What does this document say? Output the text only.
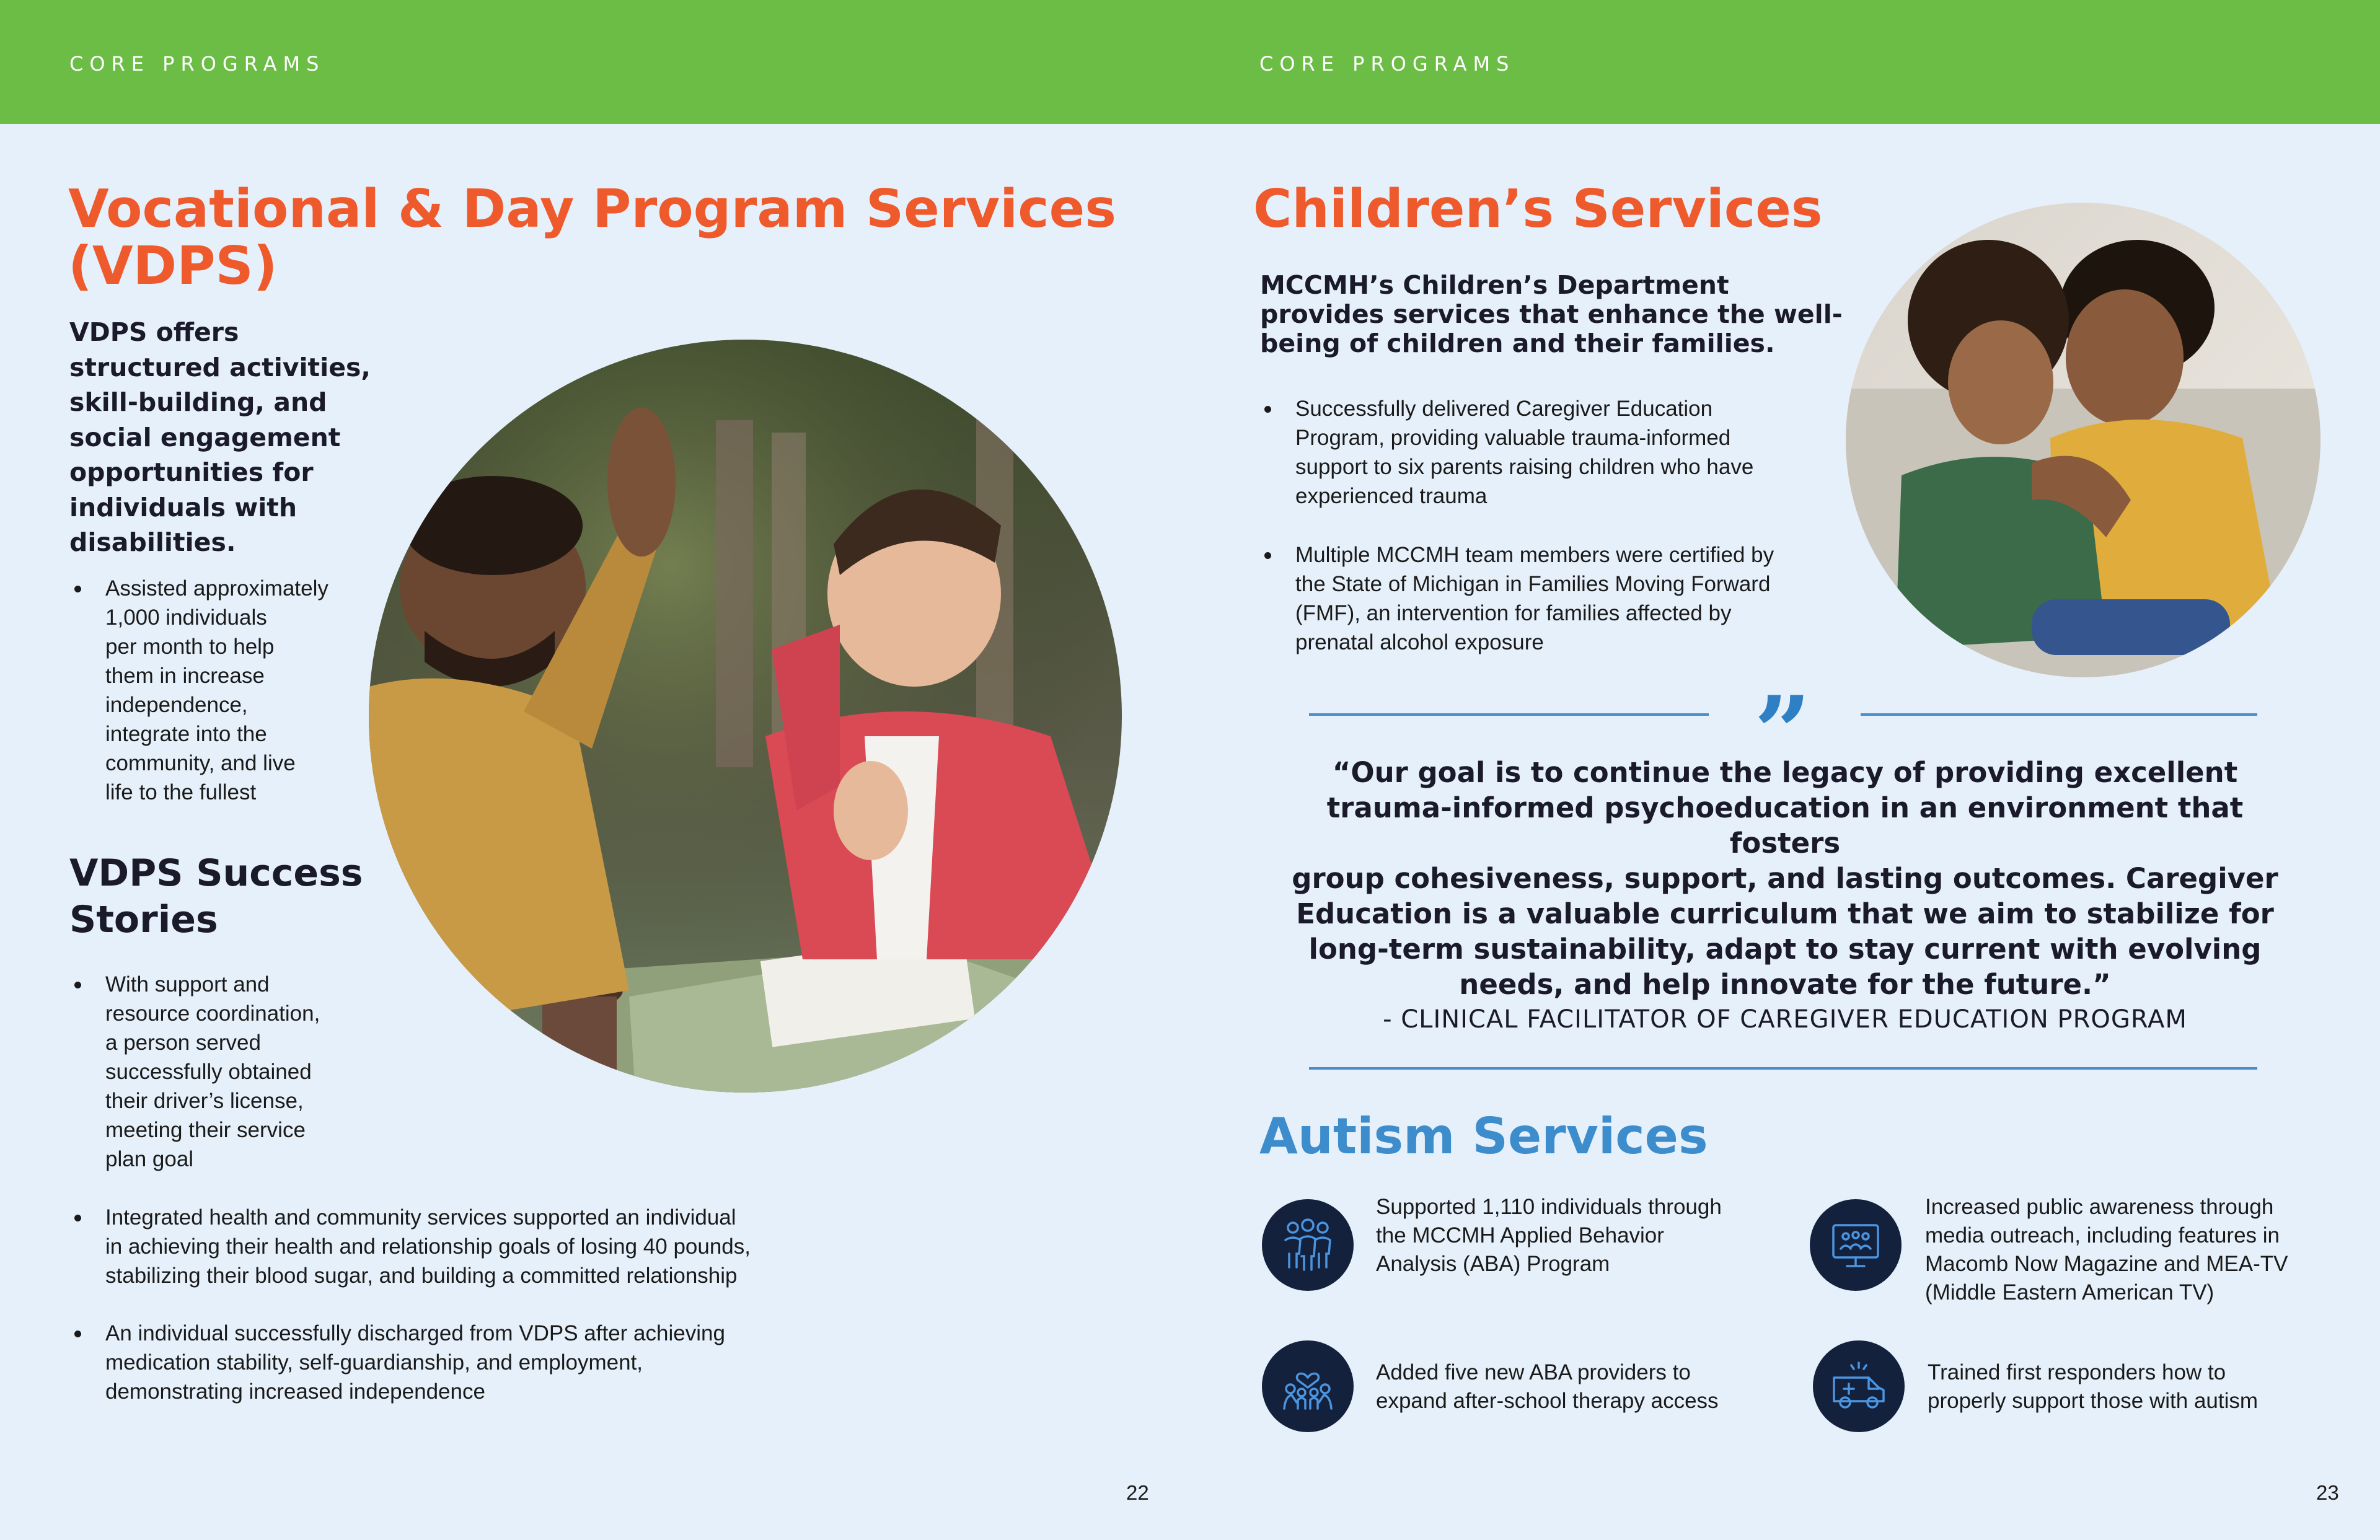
CORE PROGRAMS	CORE PROGRAMS
Vocational & Day Program Services
(VDPS)
VDPS offers
structured activities,
skill-building, and
social engagement
opportunities for
individuals with
disabilities.
Assisted approximately
1,000 individuals
per month to help
them in increase
independence,
integrate into the
community, and live
life to the fullest
VDPS Success
Stories
With support and
resource coordination,
a person served
successfully obtained
their driver’s license,
meeting their service
plan goal
Integrated health and community services supported an individual
in achieving their health and relationship goals of losing 40 pounds,
stabilizing their blood sugar, and building a committed relationship
An individual successfully discharged from VDPS after achieving
medication stability, self-guardianship, and employment,
demonstrating increased independence
22
Children’s Services
MCCMH’s Children’s Department
provides services that enhance the well-
being of children and their families.
Successfully delivered Caregiver Education
Program, providing valuable trauma-informed
support to six parents raising children who have
experienced trauma
Multiple MCCMH team members were certified by
the State of Michigan in Families Moving Forward
(FMF), an intervention for families affected by
prenatal alcohol exposure
”
“Our goal is to continue the legacy of providing excellent
trauma-informed psychoeducation in an environment that fosters
group cohesiveness, support, and lasting outcomes. Caregiver
Education is a valuable curriculum that we aim to stabilize for
long-term sustainability, adapt to stay current with evolving
needs, and help innovate for the future.”
- CLINICAL FACILITATOR OF CAREGIVER EDUCATION PROGRAM
Autism Services
Supported 1,110 individuals through
the MCCMH Applied Behavior
Analysis (ABA) Program
Increased public awareness through
media outreach, including features in
Macomb Now Magazine and MEA-TV
(Middle Eastern American TV)
Added five new ABA providers to
expand after-school therapy access
Trained first responders how to
properly support those with autism
23
